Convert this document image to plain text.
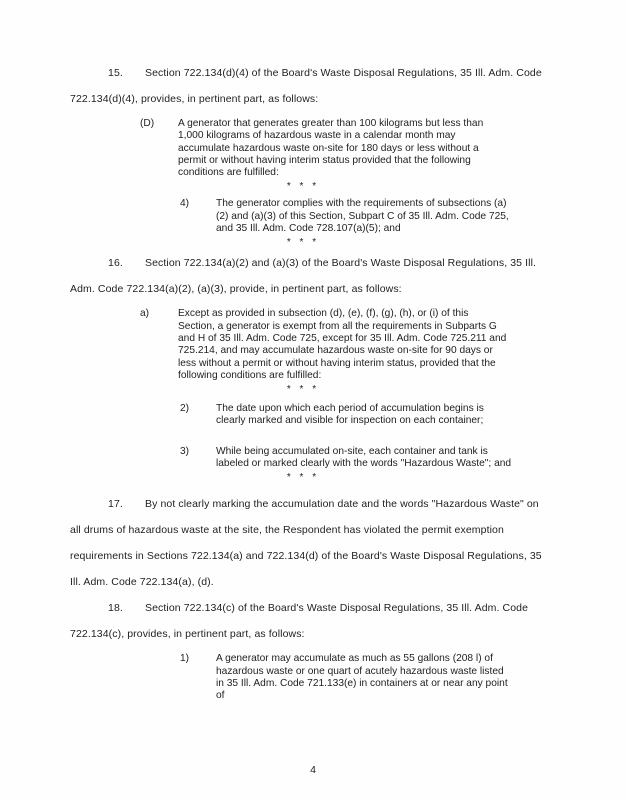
15. Section 722.134(d)(4) of the Board's Waste Disposal Regulations, 35 Ill. Adm. Code 722.134(d)(4), provides, in pertinent part, as follows:

(D)	A generator that generates greater than 100 kilograms but less than 1,000 kilograms of hazardous waste in a calendar month may accumulate hazardous waste on-site for 180 days or less without a permit or without having interim status provided that the following conditions are fulfilled:
* * *
4)	The generator complies with the requirements of subsections (a)(2) and (a)(3) of this Section, Subpart C of 35 Ill. Adm. Code 725, and 35 Ill. Adm. Code 728.107(a)(5); and
* * *

16. Section 722.134(a)(2) and (a)(3) of the Board's Waste Disposal Regulations, 35 Ill. Adm. Code 722.134(a)(2), (a)(3), provide, in pertinent part, as follows:

a)	Except as provided in subsection (d), (e), (f), (g), (h), or (i) of this Section, a generator is exempt from all the requirements in Subparts G and H of 35 Ill. Adm. Code 725, except for 35 Ill. Adm. Code 725.211 and 725.214, and may accumulate hazardous waste on-site for 90 days or less without a permit or without having interim status, provided that the following conditions are fulfilled:
* * *
2)	The date upon which each period of accumulation begins is clearly marked and visible for inspection on each container;
3)	While being accumulated on-site, each container and tank is labeled or marked clearly with the words "Hazardous Waste"; and
* * *

17. By not clearly marking the accumulation date and the words "Hazardous Waste" on all drums of hazardous waste at the site, the Respondent has violated the permit exemption requirements in Sections 722.134(a) and 722.134(d) of the Board's Waste Disposal Regulations, 35 Ill. Adm. Code 722.134(a), (d).

18. Section 722.134(c) of the Board's Waste Disposal Regulations, 35 Ill. Adm. Code 722.134(c), provides, in pertinent part, as follows:

1)	A generator may accumulate as much as 55 gallons (208 l) of hazardous waste or one quart of acutely hazardous waste listed in 35 Ill. Adm. Code 721.133(e) in containers at or near any point of
4
